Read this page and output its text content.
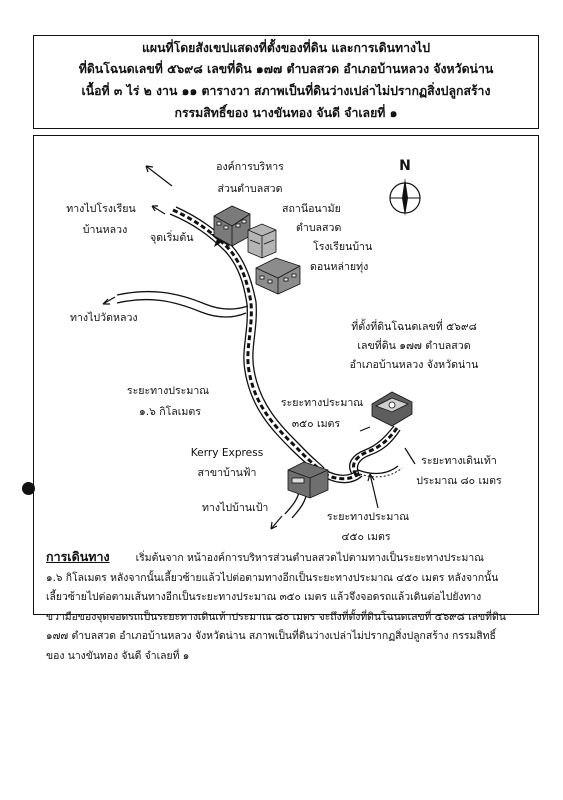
แผนที่โดยสังเขปแสดงที่ตั้งของที่ดิน และการเดินทางไป
ที่ดินโฉนดเลขที่ ๕๖๙๘ เลขที่ดิน ๑๗๗ ตำบลสวด อำเภอบ้านหลวง จังหวัดน่าน
เนื้อที่ ๓ ไร่ ๒ งาน ๑๑ ตารางวา สภาพเป็นที่ดินว่างเปล่าไม่ปรากฏสิ่งปลูกสร้าง
กรรมสิทธิ์ของ นางขันทอง จันดี จำเลยที่ ๑
N
องค์การบริหาร
ส่วนตำบลสวด
สถานีอนามัย
ตำบลสวด
โรงเรียนบ้าน
ดอนหล่ายทุ่ง
ทางไปโรงเรียน
บ้านหลวง
จุดเริ่มต้น
ทางไปวัดหลวง
ที่ตั้งที่ดินโฉนดเลขที่ ๕๖๙๘
เลขที่ดิน ๑๗๗ ตำบลสวด
อำเภอบ้านหลวง จังหวัดน่าน
ระยะทางประมาณ
๑.๖ กิโลเมตร
ระยะทางประมาณ
๓๕๐ เมตร
ระยะทางเดินเท้า
ประมาณ ๘๐ เมตร
Kerry Express
สาขาบ้านฟ้า
ทางไปบ้านเป้า
ระยะทางประมาณ
๔๕๐ เมตร
การเดินทาง	เริ่มต้นจาก หน้าองค์การบริหารส่วนตำบลสวดไปตามทางเป็นระยะทางประมาณ
๑.๖ กิโลเมตร หลังจากนั้นเลี้ยวซ้ายแล้วไปต่อตามทางอีกเป็นระยะทางประมาณ ๔๕๐ เมตร หลังจากนั้น
เลี้ยวซ้ายไปต่อตามเส้นทางอีกเป็นระยะทางประมาณ ๓๕๐ เมตร แล้วจึงจอดรถแล้วเดินต่อไปยังทาง
ขวามือของจุดจอดรถเป็นระยะทางเดินเท้าประมาณ ๘๐ เมตร จะถึงที่ตั้งที่ดินโฉนดเลขที่ ๕๖๙๘ เลขที่ดิน
๑๗๗ ตำบลสวด อำเภอบ้านหลวง จังหวัดน่าน สภาพเป็นที่ดินว่างเปล่าไม่ปรากฏสิ่งปลูกสร้าง กรรมสิทธิ์
ของ นางขันทอง จันดี จำเลยที่ ๑
